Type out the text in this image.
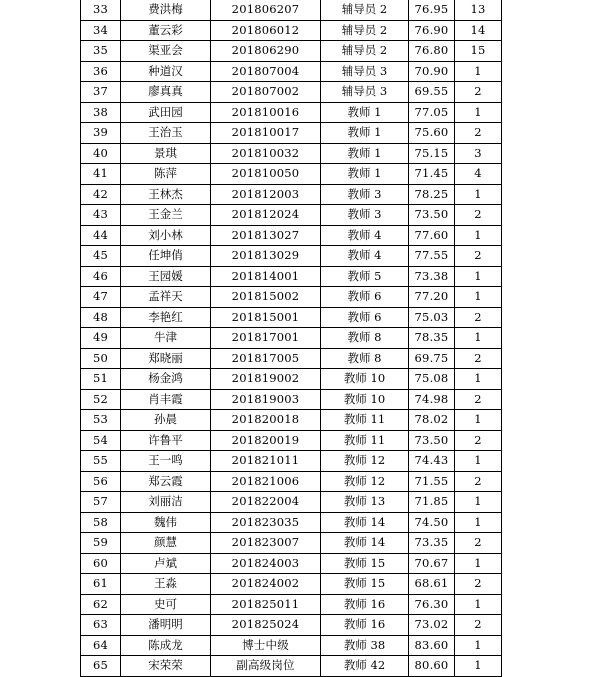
33	费洪梅	201806207	辅导员 2	76.95	13
34	董云彩	201806012	辅导员 2	76.90	14
35	渠亚会	201806290	辅导员 2	76.80	15
36	种道汉	201807004	辅导员 3	70.90	1
37	廖真真	201807002	辅导员 3	69.55	2
38	武田园	201810016	教师 1	77.05	1
39	王治玉	201810017	教师 1	75.60	2
40	景琪	201810032	教师 1	75.15	3
41	陈萍	201810050	教师 1	71.45	4
42	王林杰	201812003	教师 3	78.25	1
43	王金兰	201812024	教师 3	73.50	2
44	刘小林	201813027	教师 4	77.60	1
45	任坤俏	201813029	教师 4	77.55	2
46	王园媛	201814001	教师 5	73.38	1
47	孟祥天	201815002	教师 6	77.20	1
48	李艳红	201815001	教师 6	75.03	2
49	牛津	201817001	教师 8	78.35	1
50	郑晓丽	201817005	教师 8	69.75	2
51	杨金鸿	201819002	教师 10	75.08	1
52	肖丰霞	201819003	教师 10	74.98	2
53	孙晨	201820018	教师 11	78.02	1
54	许鲁平	201820019	教师 11	73.50	2
55	王一鸣	201821011	教师 12	74.43	1
56	郑云霞	201821006	教师 12	71.55	2
57	刘丽洁	201822004	教师 13	71.85	1
58	魏伟	201823035	教师 14	74.50	1
59	颜慧	201823007	教师 14	73.35	2
60	卢斌	201824003	教师 15	70.67	1
61	王淼	201824002	教师 15	68.61	2
62	史可	201825011	教师 16	76.30	1
63	潘明明	201825024	教师 16	73.02	2
64	陈成龙	博士中级	教师 38	83.60	1
65	宋荣荣	副高级岗位	教师 42	80.60	1
